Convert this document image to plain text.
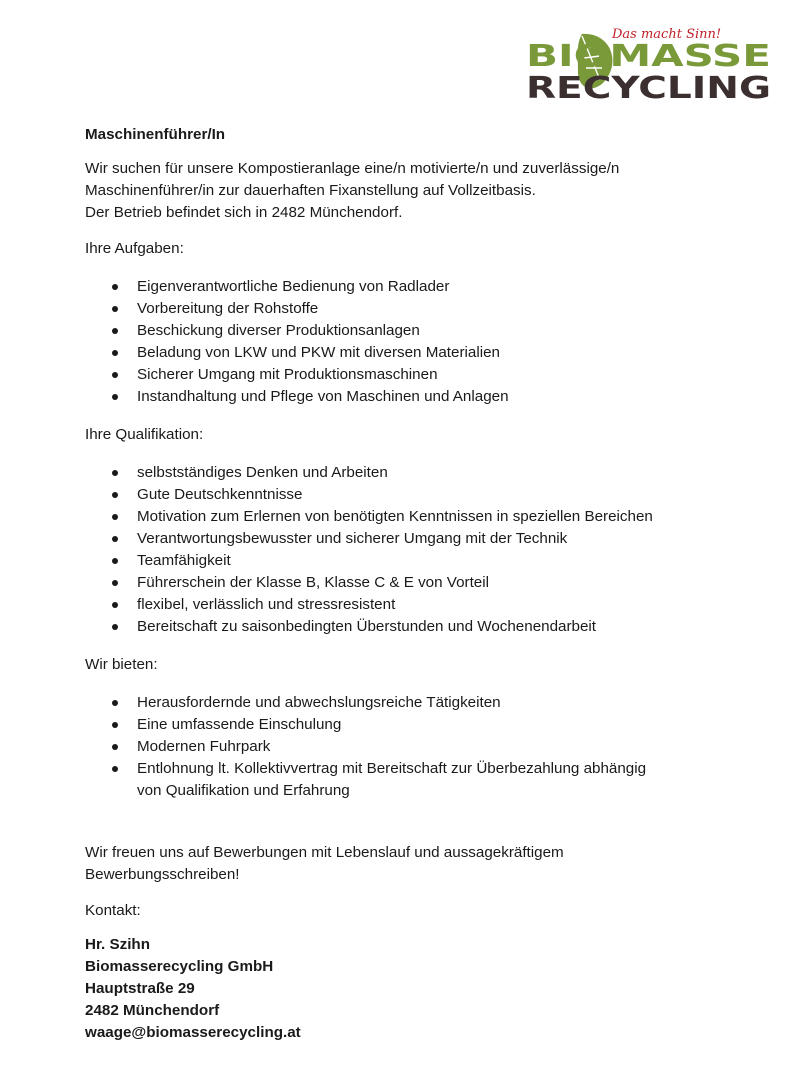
Das macht Sinn!
BIOMASSE
RECYCLING

Maschinenführer/In

Wir suchen für unsere Kompostieranlage eine/n motivierte/n und zuverlässige/n

Maschinenführer/in zur dauerhaften Fixanstellung auf Vollzeitbasis.

Der Betrieb befindet sich in 2482 Münchendorf.

Ihre Aufgaben:

Eigenverantwortliche Bedienung von Radlader
Vorbereitung der Rohstoffe
Beschickung diverser Produktionsanlagen
Beladung von LKW und PKW mit diversen Materialien
Sicherer Umgang mit Produktionsmaschinen
Instandhaltung und Pflege von Maschinen und Anlagen

Ihre Qualifikation:

selbstständiges Denken und Arbeiten
Gute Deutschkenntnisse
Motivation zum Erlernen von benötigten Kenntnissen in speziellen Bereichen
Verantwortungsbewusster und sicherer Umgang mit der Technik
Teamfähigkeit
Führerschein der Klasse B, Klasse C & E von Vorteil
flexibel, verlässlich und stressresistent
Bereitschaft zu saisonbedingten Überstunden und Wochenendarbeit

Wir bieten:

Herausfordernde und abwechslungsreiche Tätigkeiten
Eine umfassende Einschulung
Modernen Fuhrpark
Entlohnung lt. Kollektivvertrag mit Bereitschaft zur Überbezahlung abhängig
von Qualifikation und Erfahrung

Wir freuen uns auf Bewerbungen mit Lebenslauf und aussagekräftigem

Bewerbungsschreiben!

Kontakt:

Hr. Szihn

Biomasserecycling GmbH

Hauptstraße 29

2482 Münchendorf

waage@biomasserecycling.at
